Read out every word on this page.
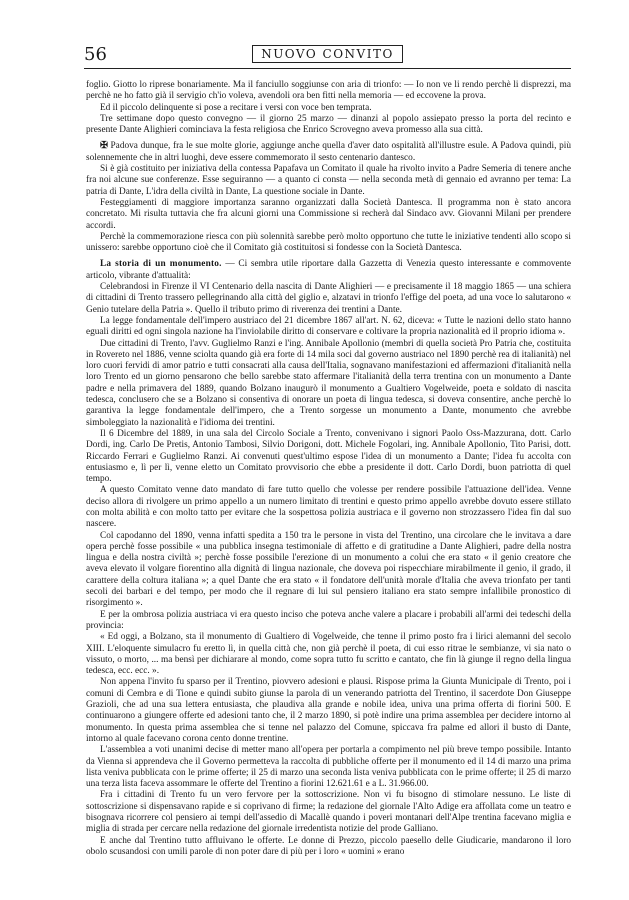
56	NUOVO CONVITO

foglio. Giotto lo riprese bonariamente. Ma il fanciullo soggiunse con aria di trionfo: — Io non ve li rendo perchè li disprezzi, ma perchè ne ho fatto già il servigio ch'io voleva, avendoli ora ben fitti nella memoria — ed eccovene la prova.

Ed il piccolo delinquente si pose a recitare i versi con voce ben temprata.

Tre settimane dopo questo convegno — il giorno 25 marzo — dinanzi al popolo assiepato presso la porta del recinto e presente Dante Alighieri cominciava la festa religiosa che Enrico Scrovegno aveva promesso alla sua città.

✠ Padova dunque, fra le sue molte glorie, aggiunge anche quella d'aver dato ospitalità all'illustre esule. A Padova quindi, più solennemente che in altri luoghi, deve essere commemorato il sesto centenario dantesco.

Si è già costituito per iniziativa della contessa Papafava un Comitato il quale ha rivolto invito a Padre Semeria di tenere anche fra noi alcune sue conferenze. Esse seguiranno — a quanto ci consta — nella seconda metà di gennaio ed avranno per tema: La patria di Dante, L'idra della civiltà in Dante, La questione sociale in Dante.

Festeggiamenti di maggiore importanza saranno organizzati dalla Società Dantesca. Il programma non è stato ancora concretato. Mi risulta tuttavia che fra alcuni giorni una Commissione si recherà dal Sindaco avv. Giovanni Milani per prendere accordi.

Perchè la commemorazione riesca con più solennità sarebbe però molto opportuno che tutte le iniziative tendenti allo scopo si unissero: sarebbe opportuno cioè che il Comitato già costituitosi si fondesse con la Società Dantesca.

La storia di un monumento. — Ci sembra utile riportare dalla Gazzetta di Venezia questo interessante e commovente articolo, vibrante d'attualità:

Celebrandosi in Firenze il VI Centenario della nascita di Dante Alighieri — e precisamente il 18 maggio 1865 — una schiera di cittadini di Trento trassero pellegrinando alla città del giglio e, alzatavi in trionfo l'effige del poeta, ad una voce lo salutarono « Genio tutelare della Patria ». Quello il tributo primo di riverenza dei trentini a Dante.

La legge fondamentale dell'impero austriaco del 21 dicembre 1867 all'art. N. 62, diceva: « Tutte le nazioni dello stato hanno eguali diritti ed ogni singola nazione ha l'inviolabile diritto di conservare e coltivare la propria nazionalità ed il proprio idioma ».

Due cittadini di Trento, l'avv. Guglielmo Ranzi e l'ing. Annibale Apollonio (membri di quella società Pro Patria che, costituita in Rovereto nel 1886, venne sciolta quando già era forte di 14 mila soci dal governo austriaco nel 1890 perchè rea di italianità) nel loro cuori fervidi di amor patrio e tutti consacrati alla causa dell'Italia, sognavano manifestazioni ed affermazioni d'italianità nella loro Trento ed un giorno pensarono che bello sarebbe stato affermare l'italianità della terra trentina con un monumento a Dante padre e nella primavera del 1889, quando Bolzano inaugurò il monumento a Gualtiero Vogelweide, poeta e soldato di nascita tedesca, conclusero che se a Bolzano si consentiva di onorare un poeta di lingua tedesca, si doveva consentire, anche perchè lo garantiva la legge fondamentale dell'impero, che a Trento sorgesse un monumento a Dante, monumento che avrebbe simboleggiato la nazionalità e l'idioma dei trentini.

Il 6 Dicembre del 1889, in una sala del Circolo Sociale a Trento, convenivano i signori Paolo Oss-Mazzurana, dott. Carlo Dordi, ing. Carlo De Pretis, Antonio Tambosi, Silvio Dorigoni, dott. Michele Fogolari, ing. Annibale Apollonio, Tito Parisi, dott. Riccardo Ferrari e Guglielmo Ranzi. Ai convenuti quest'ultimo espose l'idea di un monumento a Dante; l'idea fu accolta con entusiasmo e, lì per lì, venne eletto un Comitato provvisorio che ebbe a presidente il dott. Carlo Dordi, buon patriotta di quel tempo.

A questo Comitato venne dato mandato di fare tutto quello che volesse per rendere possibile l'attuazione dell'idea. Venne deciso allora di rivolgere un primo appello a un numero limitato di trentini e questo primo appello avrebbe dovuto essere stillato con molta abilità e con molto tatto per evitare che la sospettosa polizia austriaca e il governo non strozzassero l'idea fin dal suo nascere.

Col capodanno del 1890, venna infatti spedita a 150 tra le persone in vista del Trentino, una circolare che le invitava a dare opera perchè fosse possibile « una pubblica insegna testimoniale di affetto e di gratitudine a Dante Alighieri, padre della nostra lingua e della nostra civiltà »; perchè fosse possibile l'erezione di un monumento a colui che era stato « il genio creatore che aveva elevato il volgare fiorentino alla dignità di lingua nazionale, che doveva poi rispecchiare mirabilmente il genio, il grado, il carattere della coltura italiana »; a quel Dante che era stato « il fondatore dell'unità morale d'Italia che aveva trionfato per tanti secoli dei barbari e del tempo, per modo che il regnare di lui sul pensiero italiano era stato sempre infallibile pronostico di risorgimento ».

E per la ombrosa polizia austriaca vi era questo inciso che poteva anche valere a placare i probabili all'armi dei tedeschi della provincia:

« Ed oggi, a Bolzano, sta il monumento di Gualtiero di Vogelweide, che tenne il primo posto fra i lirici alemanni del secolo XIII. L'eloquente simulacro fu eretto lì, in quella città che, non già perchè il poeta, di cui esso ritrae le sembianze, vi sia nato o vissuto, o morto, ... ma bensì per dichiarare al mondo, come sopra tutto fu scritto e cantato, che fin là giunge il regno della lingua tedesca, ecc. ecc. ».

Non appena l'invito fu sparso per il Trentino, piovvero adesioni e plausi. Rispose prima la Giunta Municipale di Trento, poi i comuni di Cembra e di Tione e quindi subito giunse la parola di un venerando patriotta del Trentino, il sacerdote Don Giuseppe Grazioli, che ad una sua lettera entusiasta, che plaudiva alla grande e nobile idea, univa una prima offerta di fiorini 500. E continuarono a giungere offerte ed adesioni tanto che, il 2 marzo 1890, si potè indire una prima assemblea per decidere intorno al monumento. In questa prima assemblea che si tenne nel palazzo del Comune, spiccava fra palme ed allori il busto di Dante, intorno al quale facevano corona cento donne trentine.

L'assemblea a voti unanimi decise di metter mano all'opera per portarla a compimento nel più breve tempo possibile. Intanto da Vienna si apprendeva che il Governo permetteva la raccolta di pubbliche offerte per il monumento ed il 14 di marzo una prima lista veniva pubblicata con le prime offerte; il 25 di marzo una seconda lista veniva pubblicata con le prime offerte; il 25 di marzo una terza lista faceva assommare le offerte del Trentino a fiorini 12.621.61 e a L. 31.966.00.

Fra i cittadini di Trento fu un vero fervore per la sottoscrizione. Non vi fu bisogno di stimolare nessuno. Le liste di sottoscrizione si dispensavano rapide e si coprivano di firme; la redazione del giornale l'Alto Adige era affollata come un teatro e bisognava ricorrere col pensiero ai tempi dell'assedio di Macallè quando i poveri montanari dell'Alpe trentina facevano miglia e miglia di strada per cercare nella redazione del giornale irredentista notizie del prode Galliano.

E anche dal Trentino tutto affluivano le offerte. Le donne di Prezzo, piccolo paesello delle Giudicarie, mandarono il loro obolo scusandosi con umili parole di non poter dare di più per i loro « uomini » erano
